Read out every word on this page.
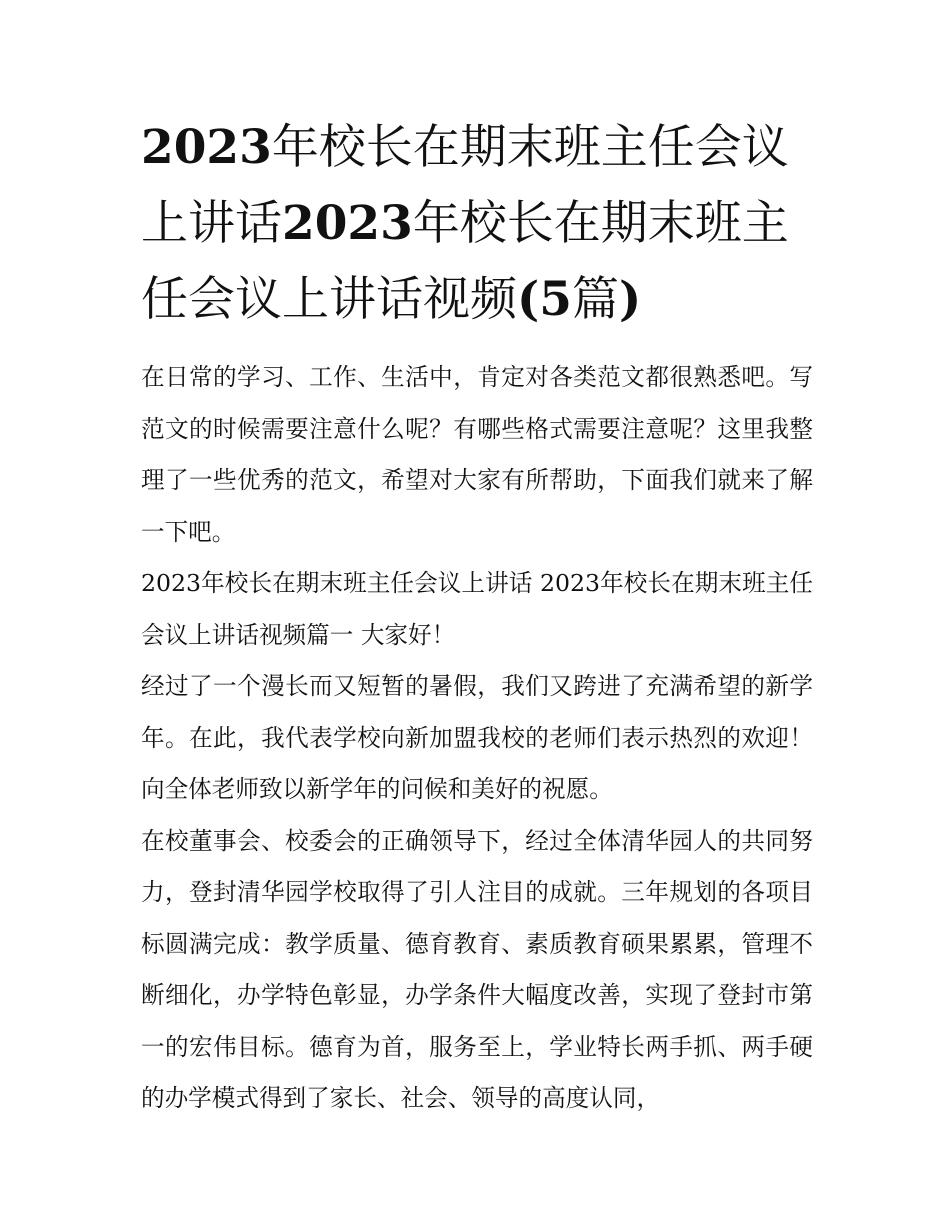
2023年校长在期末班主任会议上讲话2023年校长在期末班主任会议上讲话视频(5篇)

在日常的学习、工作、生活中，肯定对各类范文都很熟悉吧。写范文的时候需要注意什么呢？有哪些格式需要注意呢？这里我整理了一些优秀的范文，希望对大家有所帮助，下面我们就来了解一下吧。

2023年校长在期末班主任会议上讲话 2023年校长在期末班主任会议上讲话视频篇一 大家好！

经过了一个漫长而又短暂的暑假，我们又跨进了充满希望的新学年。在此，我代表学校向新加盟我校的老师们表示热烈的欢迎！向全体老师致以新学年的问候和美好的祝愿。

在校董事会、校委会的正确领导下，经过全体清华园人的共同努力，登封清华园学校取得了引人注目的成就。三年规划的各项目标圆满完成：教学质量、德育教育、素质教育硕果累累，管理不断细化，办学特色彰显，办学条件大幅度改善，实现了登封市第一的宏伟目标。德育为首，服务至上，学业特长两手抓、两手硬的办学模式得到了家长、社会、领导的高度认同，
